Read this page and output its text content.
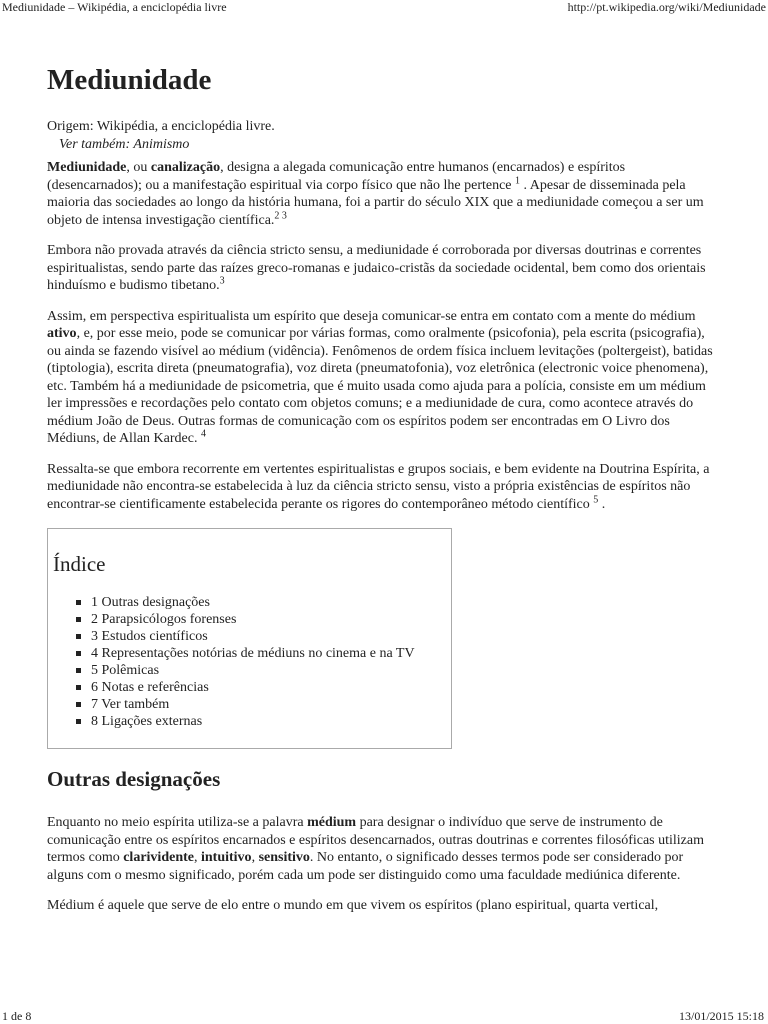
Mediunidade – Wikipédia, a enciclopédia livre	http://pt.wikipedia.org/wiki/Mediunidade
Mediunidade
Origem: Wikipédia, a enciclopédia livre.
Ver também: Animismo

Mediunidade, ou canalização, designa a alegada comunicação entre humanos (encarnados) e espíritos (desencarnados); ou a manifestação espiritual via corpo físico que não lhe pertence $^1$ . Apesar de disseminada pela maioria das sociedades ao longo da história humana, foi a partir do século XIX que a mediunidade começou a ser um objeto de intensa investigação científica.$^{2 3}$

Embora não provada através da ciência stricto sensu, a mediunidade é corroborada por diversas doutrinas e correntes espiritualistas, sendo parte das raízes greco-romanas e judaico-cristãs da sociedade ocidental, bem como dos orientais hinduísmo e budismo tibetano.$^3$

Assim, em perspectiva espiritualista um espírito que deseja comunicar-se entra em contato com a mente do médium ativo, e, por esse meio, pode se comunicar por várias formas, como oralmente (psicofonia), pela escrita (psicografia), ou ainda se fazendo visível ao médium (vidência). Fenômenos de ordem física incluem levitações (poltergeist), batidas (tiptologia), escrita direta (pneumatografia), voz direta (pneumatofonia), voz eletrônica (electronic voice phenomena), etc. Também há a mediunidade de psicometria, que é muito usada como ajuda para a polícia, consiste em um médium ler impressões e recordações pelo contato com objetos comuns; e a mediunidade de cura, como acontece através do médium João de Deus. Outras formas de comunicação com os espíritos podem ser encontradas em O Livro dos Médiuns, de Allan Kardec. $^4$

Ressalta-se que embora recorrente em vertentes espiritualistas e grupos sociais, e bem evidente na Doutrina Espírita, a mediunidade não encontra-se estabelecida à luz da ciência stricto sensu, visto a própria existências de espíritos não encontrar-se cientificamente estabelecida perante os rigores do contemporâneo método científico $^5$ .

Índice
1 Outras designações
2 Parapsicólogos forenses
3 Estudos científicos
4 Representações notórias de médiuns no cinema e na TV
5 Polêmicas
6 Notas e referências
7 Ver também
8 Ligações externas
Outras designações

Enquanto no meio espírita utiliza-se a palavra médium para designar o indivíduo que serve de instrumento de comunicação entre os espíritos encarnados e espíritos desencarnados, outras doutrinas e correntes filosóficas utilizam termos como clarividente, intuitivo, sensitivo. No entanto, o significado desses termos pode ser considerado por alguns com o mesmo significado, porém cada um pode ser distinguido como uma faculdade mediúnica diferente.

Médium é aquele que serve de elo entre o mundo em que vivem os espíritos (plano espiritual, quarta vertical,

1 de 8	13/01/2015 15:18
